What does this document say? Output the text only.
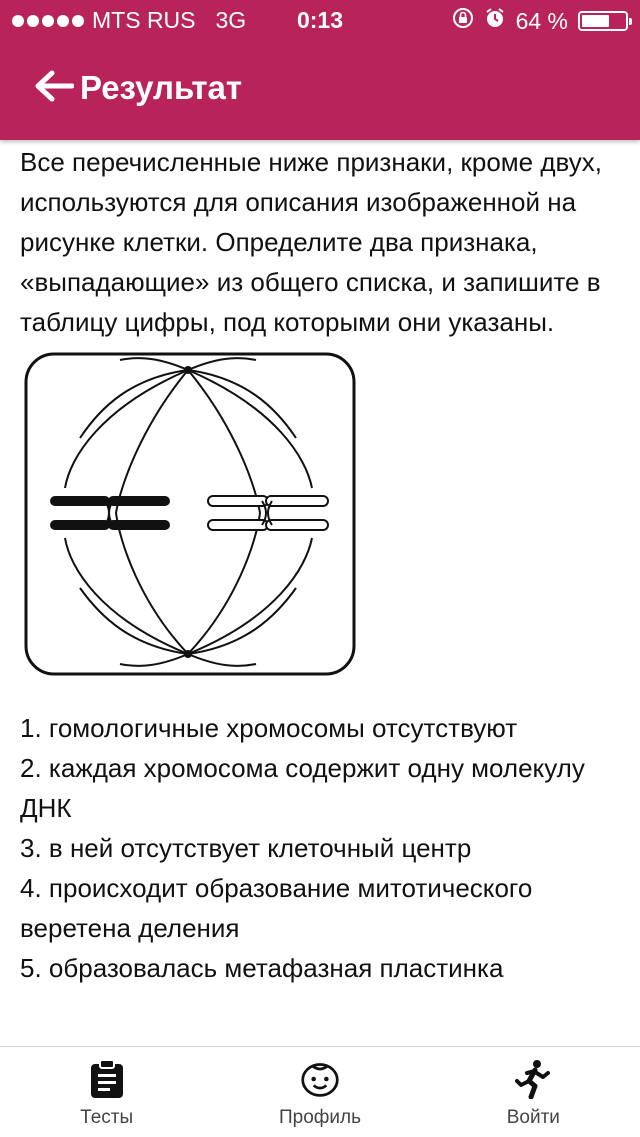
MTS RUS 3G	0:13	64 %
Результат

Все перечисленные ниже признаки, кроме двух, используются для описания изображенной на рисунке клетки. Определите два признака, «выпадающие» из общего списка, и запишите в таблицу цифры, под которыми они указаны.

1. гомологичные хромосомы отсутствуют
2. каждая хромосома содержит одну молекулу ДНК
3. в ней отсутствует клеточный центр
4. происходит образование митотического веретена деления
5. образовалась метафазная пластинка
Тесты	Профиль	Войти
